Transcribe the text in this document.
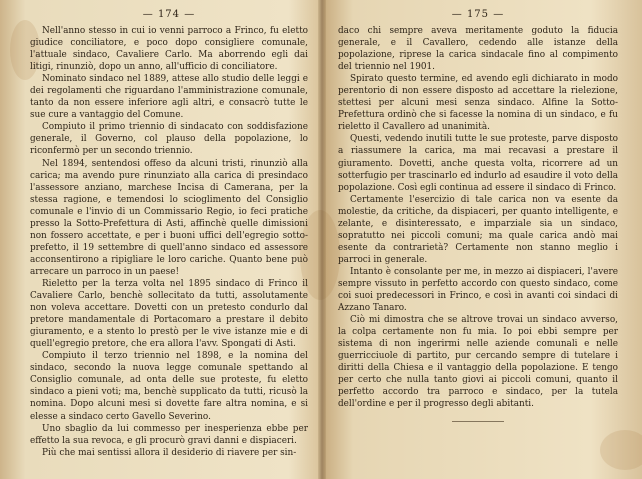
— 174 —

Nell'anno stesso in cui io venni parroco a Frinco, fu eletto giudice conciliatore, e poco dopo consigliere comunale, l'attuale sindaco, Cavaliere Carlo. Ma aborrendo egli dai litigi, rinunziò, dopo un anno, all'ufficio di conciliatore.

Nominato sindaco nel 1889, attese allo studio delle leggi e dei regolamenti che riguardano l'amministrazione comunale, tanto da non essere inferiore agli altri, e consacrò tutte le sue cure a vantaggio del Comune.

Compiuto il primo triennio di sindacato con soddisfazione generale, il Governo, col plauso della popolazione, lo riconfermò per un secondo triennio.

Nel 1894, sentendosi offeso da alcuni tristi, rinunziò alla carica; ma avendo pure rinunziato alla carica di presindaco l'assessore anziano, marchese Incisa di Camerana, per la stessa ragione, e temendosi lo scioglimento del Consiglio comunale e l'invio di un Commissario Regio, io feci pratiche presso la Sotto-Prefettura di Asti, affinchè quelle dimissioni non fossero accettate, e per i buoni uffici dell'egregio sotto-prefetto, il 19 settembre di quell'anno sindaco ed assessore acconsentirono a ripigliare le loro cariche. Quanto bene può arrecare un parroco in un paese!

Rieletto per la terza volta nel 1895 sindaco di Frinco il Cavaliere Carlo, benchè sollecitato da tutti, assolutamente non voleva accettare. Dovetti con un pretesto condurlo dal pretore mandamentale di Portacomaro a prestare il debito giuramento, e a stento lo prestò per le vive istanze mie e di quell'egregio pretore, che era allora l'avv. Spongati di Asti.

Compiuto il terzo triennio nel 1898, e la nomina del sindaco, secondo la nuova legge comunale spettando al Consiglio comunale, ad onta delle sue proteste, fu eletto sindaco a pieni voti; ma, benchè supplicato da tutti, ricusò la nomina. Dopo alcuni mesi si dovette fare altra nomina, e si elesse a sindaco certo Gavello Severino.

Uno sbaglio da lui commesso per inesperienza ebbe per effetto la sua revoca, e gli procurò gravi danni e dispiaceri.

Più che mai sentissi allora il desiderio di riavere per sin-

— 175 —

daco chi sempre aveva meritamente goduto la fiducia generale, e il Cavallero, cedendo alle istanze della popolazione, riprese la carica sindacale fino al compimento del triennio nel 1901.

Spirato questo termine, ed avendo egli dichiarato in modo perentorio di non essere disposto ad accettare la rielezione, stettesi per alcuni mesi senza sindaco. Alfine la Sotto-Prefettura ordinò che si facesse la nomina di un sindaco, e fu rieletto il Cavallero ad unanimità.

Questi, vedendo inutili tutte le sue proteste, parve disposto a riassumere la carica, ma mai recavasi a prestare il giuramento. Dovetti, anche questa volta, ricorrere ad un sotterfugio per trascinarlo ed indurlo ad esaudire il voto della popolazione. Così egli continua ad essere il sindaco di Frinco.

Certamente l'esercizio di tale carica non va esente da molestie, da critiche, da dispiaceri, per quanto intelligente, e zelante, e disinteressato, e imparziale sia un sindaco, sopratutto nei piccoli comuni; ma quale carica andò mai esente da contrarietà? Certamente non stanno meglio i parroci in generale.

Intanto è consolante per me, in mezzo ai dispiaceri, l'avere sempre vissuto in perfetto accordo con questo sindaco, come coi suoi predecessori in Frinco, e così in avanti coi sindaci di Azzano Tanaro.

Ciò mi dimostra che se altrove trovai un sindaco avverso, la colpa certamente non fu mia. Io poi ebbi sempre per sistema di non ingerirmi nelle aziende comunali e nelle guerricciuole di partito, pur cercando sempre di tutelare i diritti della Chiesa e il vantaggio della popolazione. E tengo per certo che nulla tanto giovi ai piccoli comuni, quanto il perfetto accordo tra parroco e sindaco, per la tutela dell'ordine e per il progresso degli abitanti.
